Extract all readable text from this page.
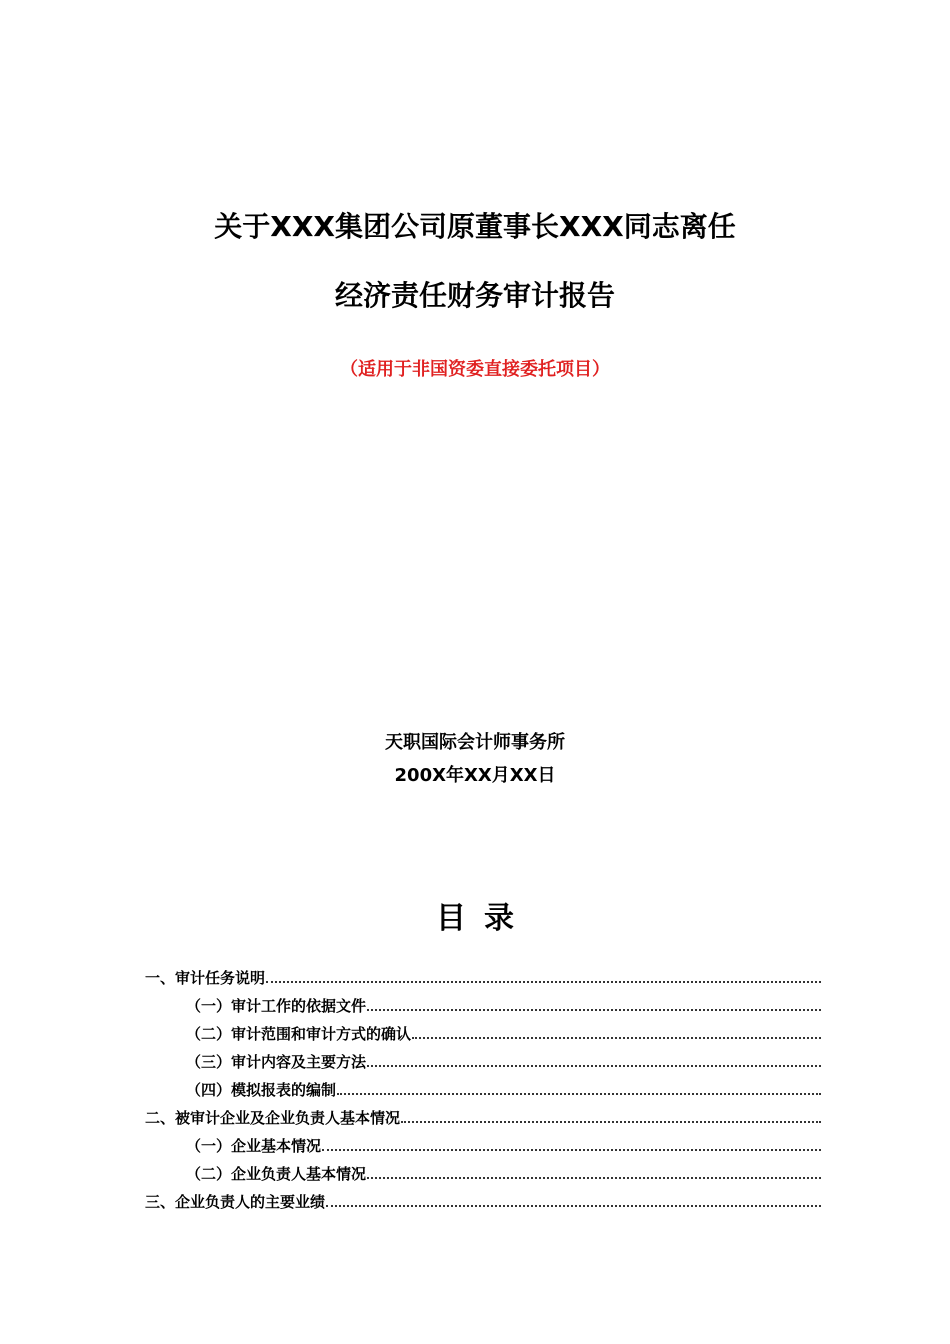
关于XXX集团公司原董事长XXX同志离任
经济责任财务审计报告
（适用于非国资委直接委托项目）
天职国际会计师事务所
200X年XX月XX日
目录
一、审计任务说明
（一）审计工作的依据文件
（二）审计范围和审计方式的确认
（三）审计内容及主要方法
（四）模拟报表的编制
二、被审计企业及企业负责人基本情况
（一）企业基本情况
（二）企业负责人基本情况
三、企业负责人的主要业绩
